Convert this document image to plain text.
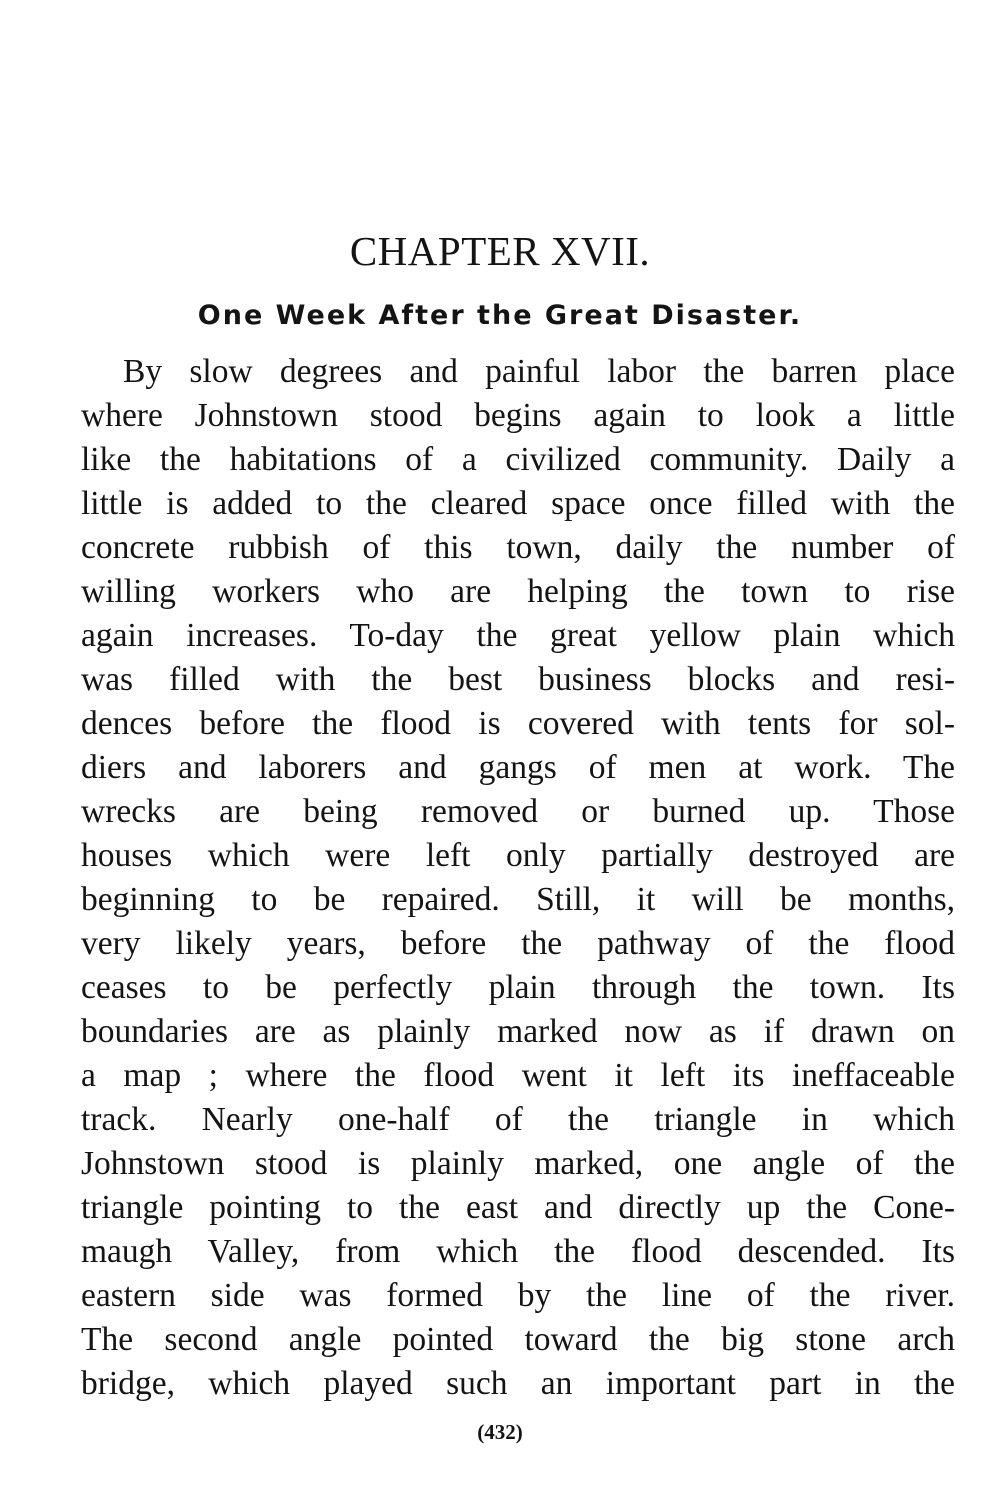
CHAPTER XVII.
One Week After the Great Disaster.
By slow degrees and painful labor the barren place
where Johnstown stood begins again to look a little
like the habitations of a civilized community. Daily a
little is added to the cleared space once filled with the
concrete rubbish of this town, daily the number of
willing workers who are helping the town to rise
again increases. To-day the great yellow plain which
was filled with the best business blocks and resi-
dences before the flood is covered with tents for sol-
diers and laborers and gangs of men at work. The
wrecks are being removed or burned up. Those
houses which were left only partially destroyed are
beginning to be repaired. Still, it will be months,
very likely years, before the pathway of the flood
ceases to be perfectly plain through the town. Its
boundaries are as plainly marked now as if drawn on
a map ; where the flood went it left its ineffaceable
track. Nearly one-half of the triangle in which
Johnstown stood is plainly marked, one angle of the
triangle pointing to the east and directly up the Cone-
maugh Valley, from which the flood descended. Its
eastern side was formed by the line of the river.
The second angle pointed toward the big stone arch
bridge, which played such an important part in the
(432)
